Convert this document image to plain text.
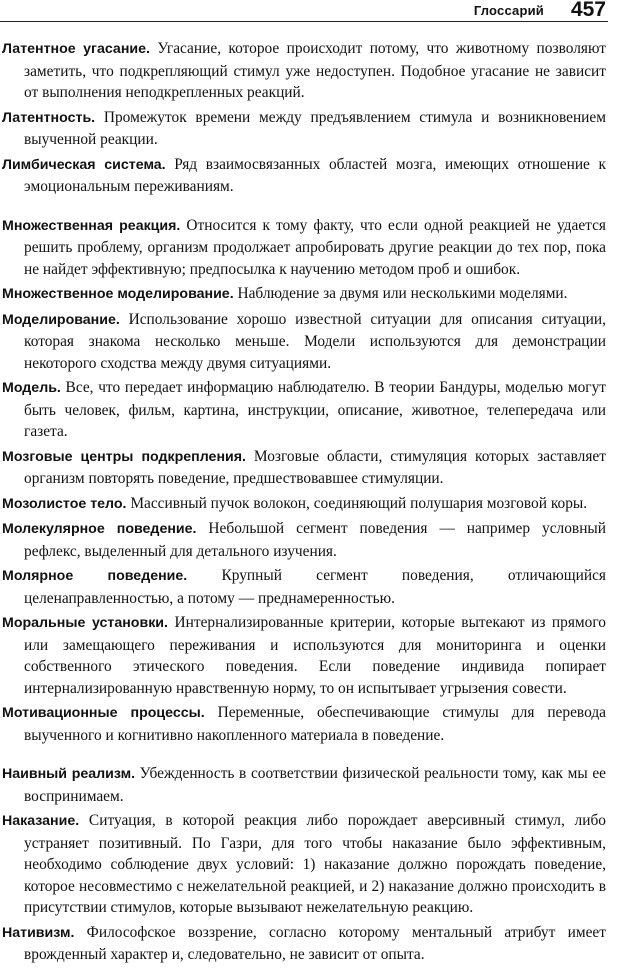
Глоссарий 457

Латентное угасание. Угасание, которое происходит потому, что животному позволяют заметить, что подкрепляющий стимул уже недоступен. Подобное угасание не зависит от выполнения неподкрепленных реакций.

Латентность. Промежуток времени между предъявлением стимула и возникновением выученной реакции.

Лимбическая система. Ряд взаимосвязанных областей мозга, имеющих отношение к эмоциональным переживаниям.

Множественная реакция. Относится к тому факту, что если одной реакцией не удается решить проблему, организм продолжает апробировать другие реакции до тех пор, пока не найдет эффективную; предпосылка к научению методом проб и ошибок.

Множественное моделирование. Наблюдение за двумя или несколькими моделями.

Моделирование. Использование хорошо известной ситуации для описания ситуации, которая знакома несколько меньше. Модели используются для демонстрации некоторого сходства между двумя ситуациями.

Модель. Все, что передает информацию наблюдателю. В теории Бандуры, моделью могут быть человек, фильм, картина, инструкции, описание, животное, телепередача или газета.

Мозговые центры подкрепления. Мозговые области, стимуляция которых заставляет организм повторять поведение, предшествовавшее стимуляции.

Мозолистое тело. Массивный пучок волокон, соединяющий полушария мозговой коры.

Молекулярное поведение. Небольшой сегмент поведения — например условный рефлекс, выделенный для детального изучения.

Молярное поведение. Крупный сегмент поведения, отличающийся целенаправленностью, а потому — преднамеренностью.

Моральные установки. Интернализированные критерии, которые вытекают из прямого или замещающего переживания и используются для мониторинга и оценки собственного этического поведения. Если поведение индивида попирает интернализированную нравственную норму, то он испытывает угрызения совести.

Мотивационные процессы. Переменные, обеспечивающие стимулы для перевода выученного и когнитивно накопленного материала в поведение.

Наивный реализм. Убежденность в соответствии физической реальности тому, как мы ее воспринимаем.

Наказание. Ситуация, в которой реакция либо порождает аверсивный стимул, либо устраняет позитивный. По Газри, для того чтобы наказание было эффективным, необходимо соблюдение двух условий: 1) наказание должно порождать поведение, которое несовместимо с нежелательной реакцией, и 2) наказание должно происходить в присутствии стимулов, которые вызывают нежелательную реакцию.

Нативизм. Философское воззрение, согласно которому ментальный атрибут имеет врожденный характер и, следовательно, не зависит от опыта.
